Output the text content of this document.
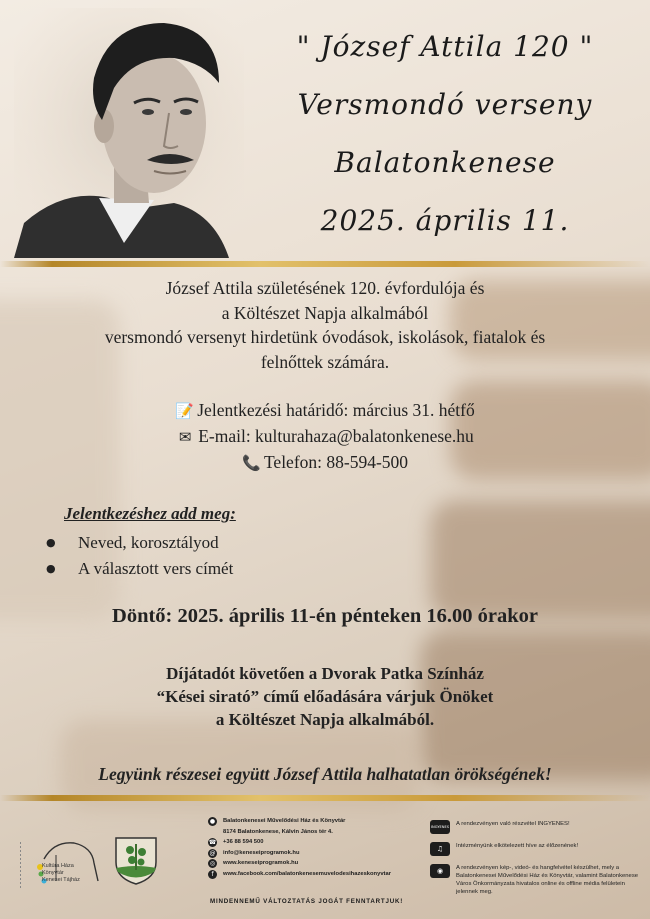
" József Attila 120 "
Versmondó verseny
Balatonkenese
2025. április 11.
József Attila születésének 120. évfordulója és
a Költészet Napja alkalmából
versmondó versenyt hirdetünk óvodások, iskolások, fiatalok és
felnőttek számára.
📝 Jelentkezési határidő: március 31. hétfő
✉ E-mail: kulturahaza@balatonkenese.hu
📞 Telefon: 88-594-500
Jelentkezéshez add meg:
●	Neved, korosztályod
●	A választott vers címét
Döntő: 2025. április 11-én pénteken 16.00 órakor
Díjátadót követően a Dvorak Patka Színház
“Kései sirató” című előadására várjuk Önöket
a Költészet Napja alkalmából.
Legyünk részesei együtt József Attila halhatatlan örökségének!
Kultúra Háza
Könyvtár
Kenesei Tájház
●	Balatonkenesei Művelődési Ház és Könyvtár
8174 Balatonkenese, Kálvin János tér 4.
☎ +36 88 594 500
@ info@keneseiprogramok.hu
◎	www.keneseiprogramok.hu
f	www.facebook.com/balatonkenesemuvelodesihazeskonyvtar
MINDENNEMŰ VÁLTOZTATÁS JOGÁT FENNTARTJUK!
INGYENES A rendezvényen való részvétel INGYENES!
♫	Intézményünk elkötelezett híve az élőzenének!
◉	A rendezvényen kép-, videó- és hangfelvétel készülhet, mely a Balatonkenesei Művelődési Ház és Könyvtár, valamint Balatonkenese Város Önkormányzata hivatalos online és offline média felületein jelennek meg.
